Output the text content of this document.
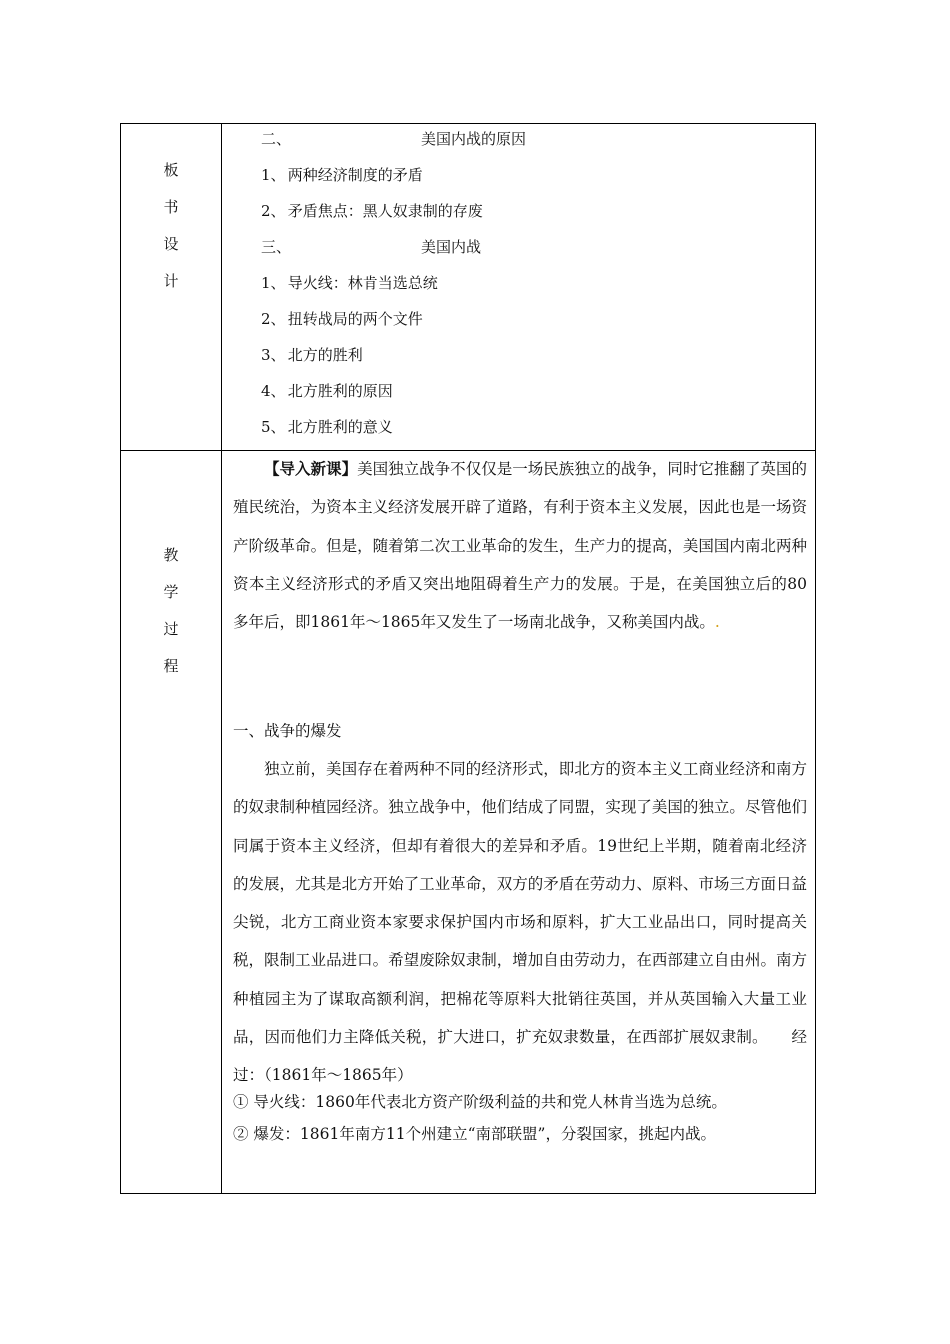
板
书
设
计
二、	美国内战的原因
1、 两种经济制度的矛盾
2、 矛盾焦点：黑人奴隶制的存废
三、	美国内战
1、 导火线：林肯当选总统
2、 扭转战局的两个文件
3、 北方的胜利
4、 北方胜利的原因
5、 北方胜利的意义
教
学
过
程

【导入新课】美国独立战争不仅仅是一场民族独立的战争，同时它推翻了英国的殖民统治，为资本主义经济发展开辟了道路，有利于资本主义发展，因此也是一场资产阶级革命。但是，随着第二次工业革命的发生，生产力的提高，美国国内南北两种资本主义经济形式的矛盾又突出地阻碍着生产力的发展。于是，在美国独立后的80多年后，即1861年～1865年又发生了一场南北战争，又称美国内战。.

一、战争的爆发

独立前，美国存在着两种不同的经济形式，即北方的资本主义工商业经济和南方的奴隶制种植园经济。独立战争中，他们结成了同盟，实现了美国的独立。尽管他们同属于资本主义经济，但却有着很大的差异和矛盾。19世纪上半期，随着南北经济的发展，尤其是北方开始了工业革命，双方的矛盾在劳动力、原料、市场三方面日益尖锐，北方工商业资本家要求保护国内市场和原料，扩大工业品出口，同时提高关税，限制工业品进口。希望废除奴隶制，增加自由劳动力，在西部建立自由州。南方种植园主为了谋取高额利润，把棉花等原料大批销往英国，并从英国输入大量工业品，因而他们力主降低关税，扩大进口，扩充奴隶数量，在西部扩展奴隶制。　　经过：（1861年～1865年）

① 导火线：1860年代表北方资产阶级利益的共和党人林肯当选为总统。

② 爆发：1861年南方11个州建立“南部联盟”，分裂国家，挑起内战。
